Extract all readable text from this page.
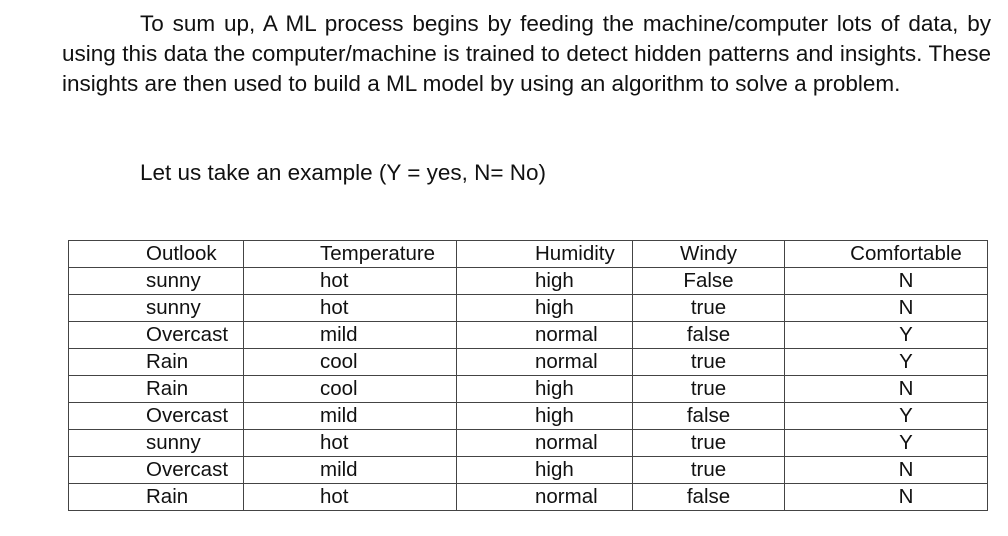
To sum up, A ML process begins by feeding the machine/computer lots of data, by using this data the computer/machine is trained to detect hidden patterns and insights. These insights are then used to build a ML model by using an algorithm to solve a problem.

Let us take an example (Y = yes, N= No)

Outlook	Temperature	Humidity	Windy	Comfortable
sunny	hot	high	False	N
sunny	hot	high	true	N
Overcast	mild	normal	false	Y
Rain	cool	normal	true	Y
Rain	cool	high	true	N
Overcast	mild	high	false	Y
sunny	hot	normal	true	Y
Overcast	mild	high	true	N
Rain	hot	normal	false	N
